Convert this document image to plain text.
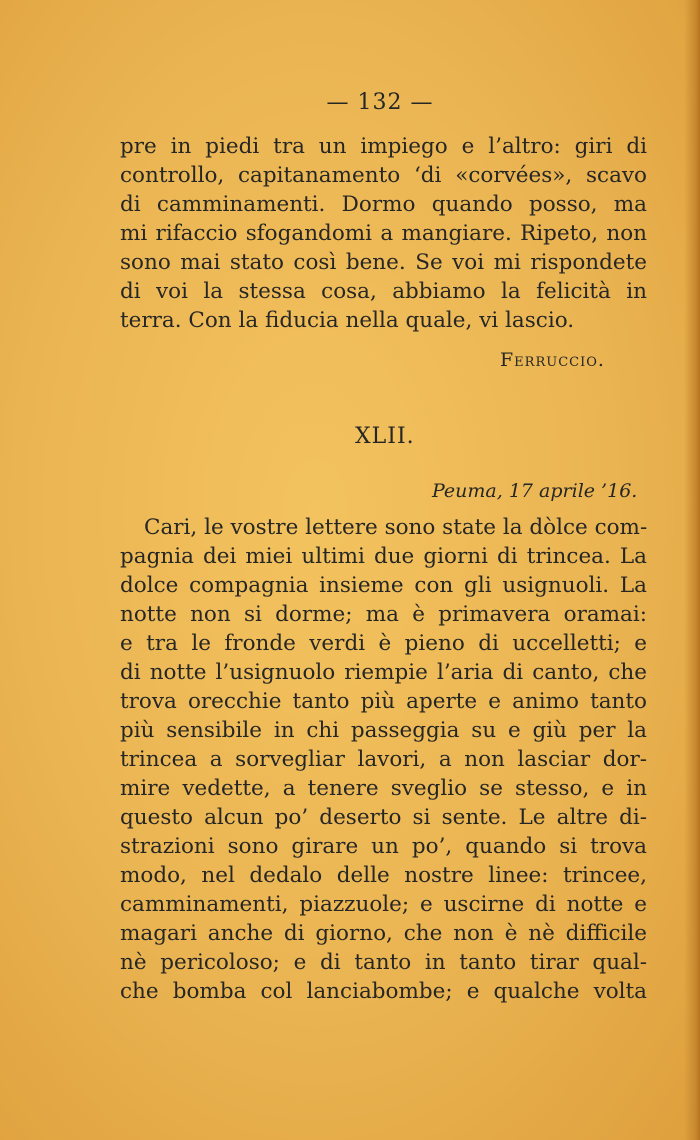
— 132 —
pre in piedi tra un impiego e l’altro: giri di
controllo, capitanamento ‘di «corvées», scavo
di camminamenti. Dormo quando posso, ma
mi rifaccio sfogandomi a mangiare. Ripeto, non
sono mai stato così bene. Se voi mi rispondete
di voi la stessa cosa, abbiamo la felicità in
terra. Con la fiducia nella quale, vi lascio.
Ferruccio.
XLII.
Peuma, 17 aprile ’16.
Cari, le vostre lettere sono state la dòlce com-
pagnia dei miei ultimi due giorni di trincea. La
dolce compagnia insieme con gli usignuoli. La
notte non si dorme; ma è primavera oramai:
e tra le fronde verdi è pieno di uccelletti; e
di notte l’usignuolo riempie l’aria di canto, che
trova orecchie tanto più aperte e animo tanto
più sensibile in chi passeggia su e giù per la
trincea a sorvegliar lavori, a non lasciar dor-
mire vedette, a tenere sveglio se stesso, e in
questo alcun po’ deserto si sente. Le altre di-
strazioni sono girare un po’, quando si trova
modo, nel dedalo delle nostre linee: trincee,
camminamenti, piazzuole; e uscirne di notte e
magari anche di giorno, che non è nè difficile
nè pericoloso; e di tanto in tanto tirar qual-
che bomba col lanciabombe; e qualche volta
